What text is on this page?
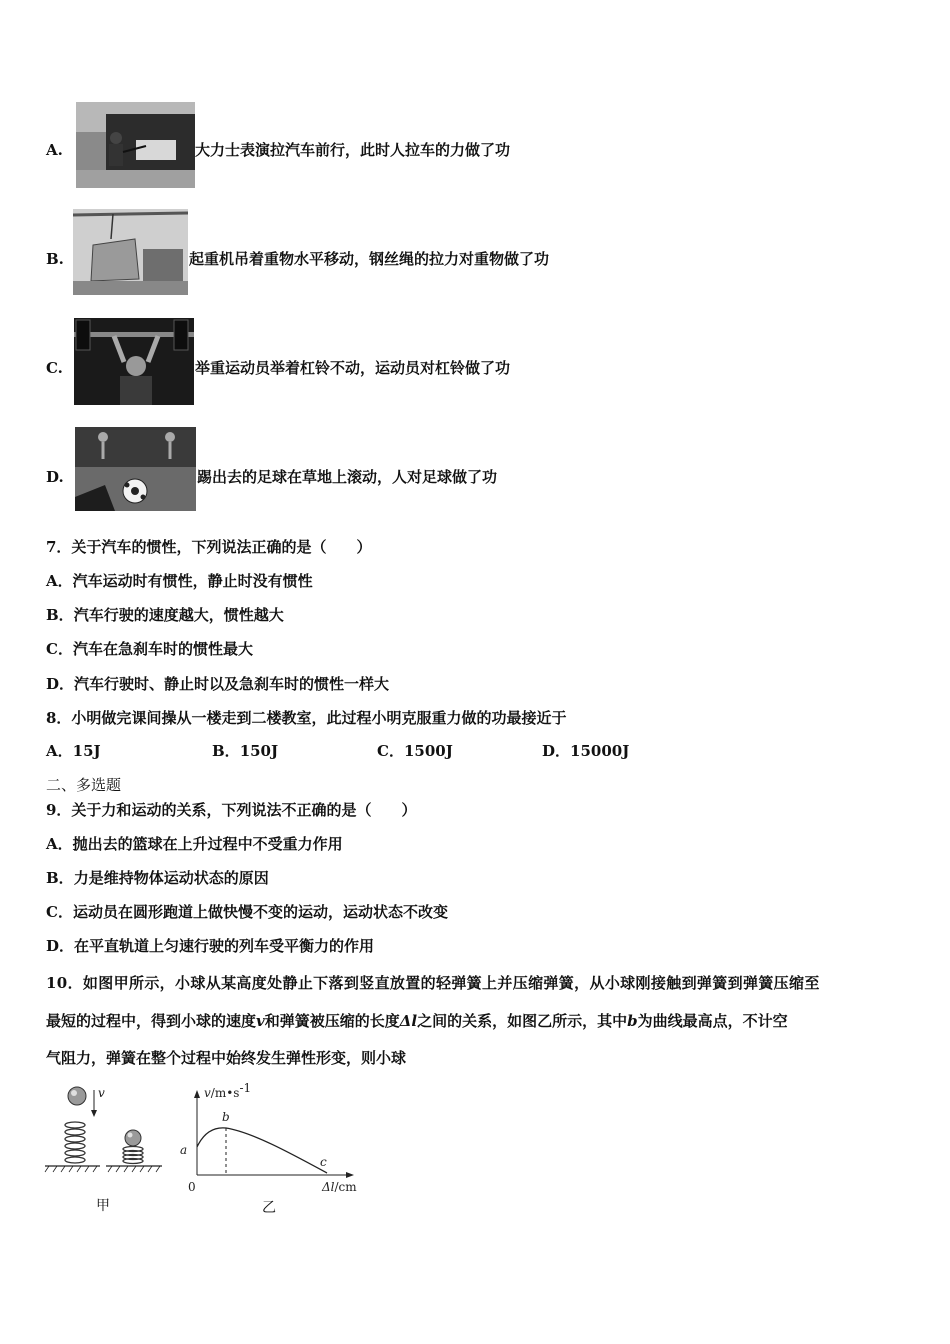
A.	大力士表演拉汽车前行，此时人拉车的力做了功
B.	起重机吊着重物水平移动，钢丝绳的拉力对重物做了功
C.	举重运动员举着杠铃不动，运动员对杠铃做了功
D.	踢出去的足球在草地上滚动，人对足球做了功
7．关于汽车的惯性，下列说法正确的是（　　）
A．汽车运动时有惯性，静止时没有惯性
B．汽车行驶的速度越大，惯性越大
C．汽车在急刹车时的惯性最大
D．汽车行驶时、静止时以及急刹车时的惯性一样大
8．小明做完课间操从一楼走到二楼教室，此过程小明克服重力做的功最接近于
A．15J	B．150J	C．1500J	D．15000J
二、多选题
9．关于力和运动的关系，下列说法不正确的是（　　）
A．抛出去的篮球在上升过程中不受重力作用
B．力是维持物体运动状态的原因
C．运动员在圆形跑道上做快慢不变的运动，运动状态不改变
D．在平直轨道上匀速行驶的列车受平衡力的作用
10．如图甲所示，小球从某高度处静止下落到竖直放置的轻弹簧上并压缩弹簧，从小球刚接触到弹簧到弹簧压缩至
最短的过程中，得到小球的速度v和弹簧被压缩的长度Δl之间的关系，如图乙所示，其中b为曲线最高点，不计空
气阻力，弹簧在整个过程中始终发生弹性形变，则小球
v
甲
$v/m•s^{-1}$
b
a
c
0	Δl/cm
乙
